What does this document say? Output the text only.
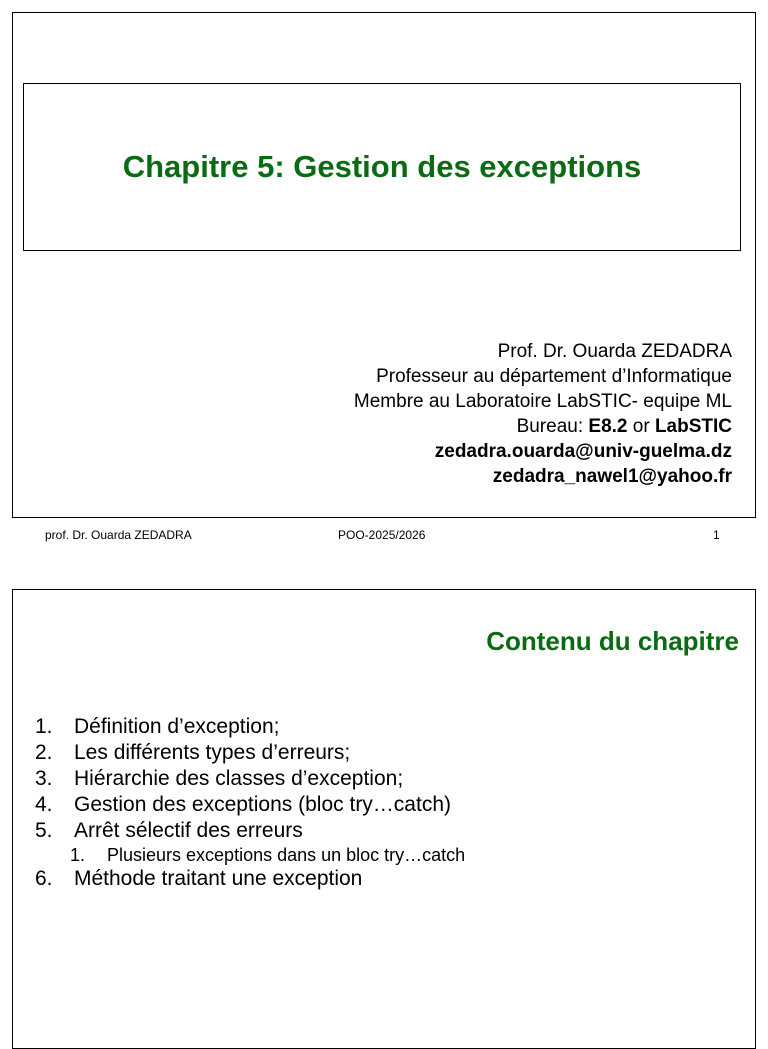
Chapitre 5: Gestion des exceptions
Prof. Dr. Ouarda ZEDADRA
Professeur au département d’Informatique
Membre au Laboratoire LabSTIC- equipe ML
Bureau: E8.2 or LabSTIC
zedadra.ouarda@univ-guelma.dz
zedadra_nawel1@yahoo.fr
prof. Dr. Ouarda ZEDADRA	POO-2025/2026	1
Contenu du chapitre
1.	Définition d’exception;
2.	Les différents types d’erreurs;
3.	Hiérarchie des classes d’exception;
4.	Gestion des exceptions (bloc try…catch)
5.	Arrêt sélectif des erreurs
1.	Plusieurs exceptions dans un bloc try…catch
6.	Méthode traitant une exception
